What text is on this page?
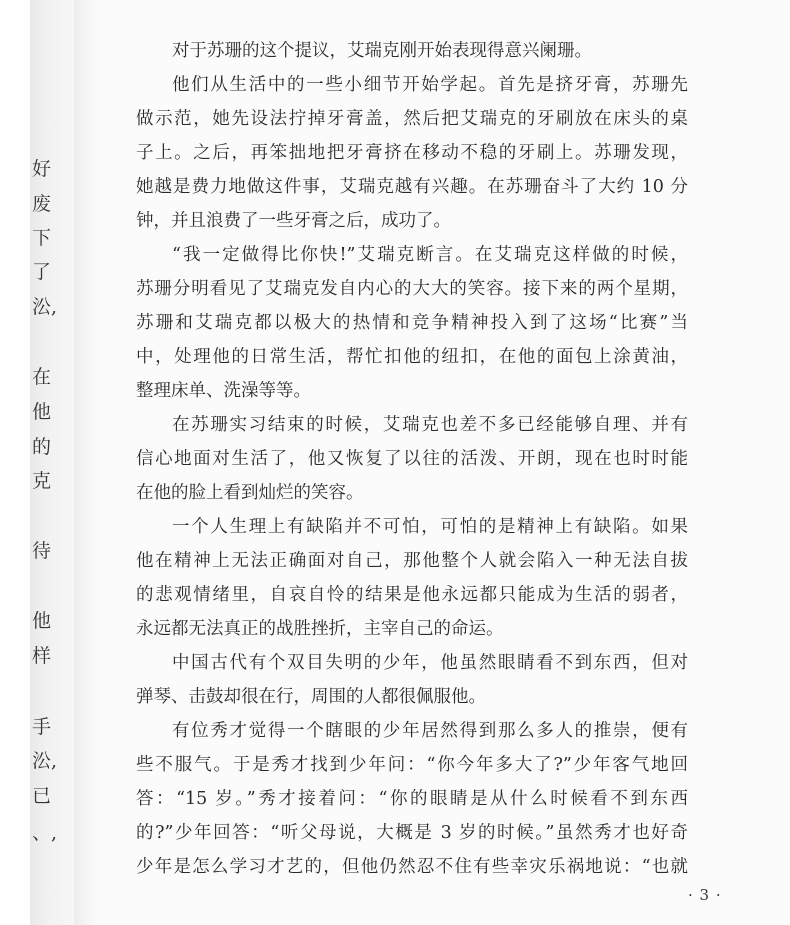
好
废
下
了
㳂,
在
他
的
克
待
他
样
手
㳂,
已
、,
对于苏珊的这个提议，艾瑞克刚开始表现得意兴阑珊。
他们从生活中的一些小细节开始学起。首先是挤牙膏，苏珊先
做示范，她先设法拧掉牙膏盖，然后把艾瑞克的牙刷放在床头的桌
子上。之后，再笨拙地把牙膏挤在移动不稳的牙刷上。苏珊发现，
她越是费力地做这件事，艾瑞克越有兴趣。在苏珊奋斗了大约 10 分
钟，并且浪费了一些牙膏之后，成功了。
“我一定做得比你快!”艾瑞克断言。在艾瑞克这样做的时候，
苏珊分明看见了艾瑞克发自内心的大大的笑容。接下来的两个星期，
苏珊和艾瑞克都以极大的热情和竞争精神投入到了这场“比赛”当
中，处理他的日常生活，帮忙扣他的纽扣，在他的面包上涂黄油，
整理床单、洗澡等等。
在苏珊实习结束的时候，艾瑞克也差不多已经能够自理、并有
信心地面对生活了，他又恢复了以往的活泼、开朗，现在也时时能
在他的脸上看到灿烂的笑容。
一个人生理上有缺陷并不可怕，可怕的是精神上有缺陷。如果
他在精神上无法正确面对自己，那他整个人就会陷入一种无法自拔
的悲观情绪里，自哀自怜的结果是他永远都只能成为生活的弱者，
永远都无法真正的战胜挫折，主宰自己的命运。
中国古代有个双目失明的少年，他虽然眼睛看不到东西，但对
弹琴、击鼓却很在行，周围的人都很佩服他。
有位秀才觉得一个瞎眼的少年居然得到那么多人的推崇，便有
些不服气。于是秀才找到少年问：“你今年多大了?”少年客气地回
答：“15 岁。”秀才接着问：“你的眼睛是从什么时候看不到东西
的?”少年回答：“听父母说，大概是 3 岁的时候。”虽然秀才也好奇
少年是怎么学习才艺的，但他仍然忍不住有些幸灾乐祸地说：“也就
· 3 ·
